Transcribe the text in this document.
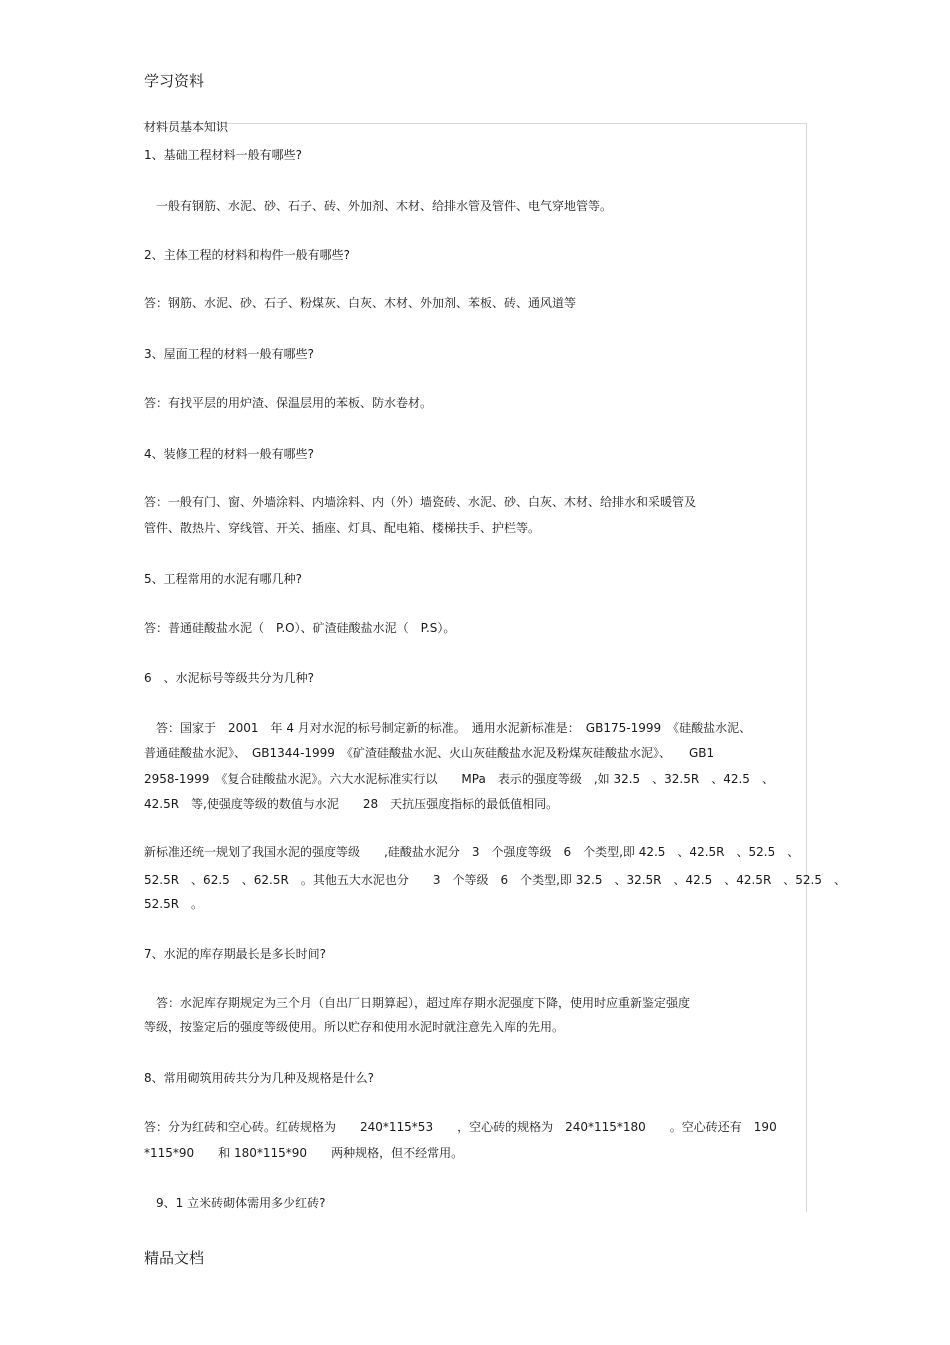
学习资料
材料员基本知识
1、基础工程材料一般有哪些?
一般有钢筋、水泥、砂、石子、砖、外加剂、木材、给排水管及管件、电气穿地管等。
2、主体工程的材料和构件一般有哪些?
答：钢筋、水泥、砂、石子、粉煤灰、白灰、木材、外加剂、苯板、砖、通风道等
3、屋面工程的材料一般有哪些?
答：有找平层的用炉渣、保温层用的苯板、防水卷材。
4、装修工程的材料一般有哪些?
答：一般有门、窗、外墙涂料、内墙涂料、内（外）墙瓷砖、水泥、砂、白灰、木材、给排水和采暖管及
管件、散热片、穿线管、开关、插座、灯具、配电箱、楼梯扶手、护栏等。
5、工程常用的水泥有哪几种?
答：普通硅酸盐水泥（　P.O）、矿渣硅酸盐水泥（　P.S）。
6　、水泥标号等级共分为几种?
答：国家于　2001　年 4 月对水泥的标号制定新的标准。　通用水泥新标准是：　GB175-1999　《硅酸盐水泥、
普通硅酸盐水泥》、　GB1344-1999　《矿渣硅酸盐水泥、火山灰硅酸盐水泥及粉煤灰硅酸盐水泥》、　　GB1
2958-1999　《复合硅酸盐水泥》。六大水泥标准实行以　　MPa　表示的强度等级　,如 32.5　、32.5R　、42.5　、
42.5R　等,使强度等级的数值与水泥　　28　天抗压强度指标的最低值相同。
新标准还统一规划了我国水泥的强度等级　　,硅酸盐水泥分　3　个强度等级　6　个类型,即 42.5　、42.5R　、52.5　、
52.5R　、62.5　、62.5R　。其他五大水泥也分　　3　个等级　6　个类型,即 32.5　、32.5R　、42.5　、42.5R　、52.5　、
52.5R　。
7、水泥的库存期最长是多长时间?
答：水泥库存期规定为三个月（自出厂日期算起），超过库存期水泥强度下降，使用时应重新鉴定强度
等级，按鉴定后的强度等级使用。所以贮存和使用水泥时就注意先入库的先用。
8、常用砌筑用砖共分为几种及规格是什么?
答：分为红砖和空心砖。红砖规格为　　240*115*53　　，空心砖的规格为　240*115*180　　。空心砖还有　190
*115*90　　和 180*115*90　　两种规格，但不经常用。
9、1 立米砖砌体需用多少红砖?
精品文档
